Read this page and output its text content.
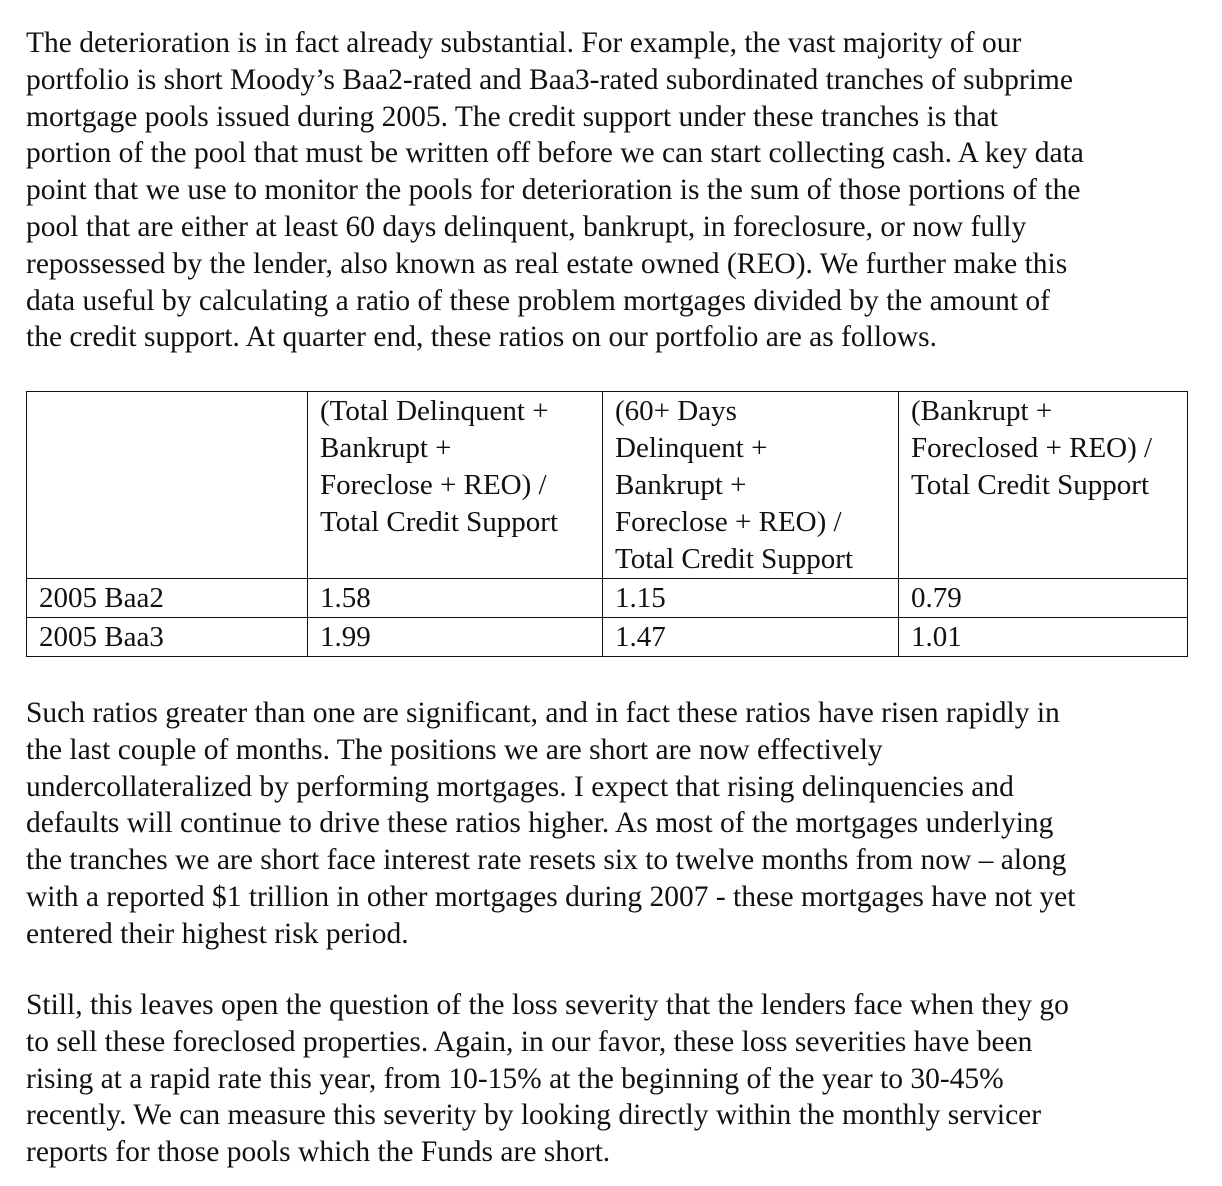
The deterioration is in fact already substantial. For example, the vast majority of our
portfolio is short Moody’s Baa2-rated and Baa3-rated subordinated tranches of subprime
mortgage pools issued during 2005. The credit support under these tranches is that
portion of the pool that must be written off before we can start collecting cash. A key data
point that we use to monitor the pools for deterioration is the sum of those portions of the
pool that are either at least 60 days delinquent, bankrupt, in foreclosure, or now fully
repossessed by the lender, also known as real estate owned (REO). We further make this
data useful by calculating a ratio of these problem mortgages divided by the amount of
the credit support. At quarter end, these ratios on our portfolio are as follows.

	(Total Delinquent +
Bankrupt +
Foreclose + REO) /
Total Credit Support	(60+ Days
Delinquent +
Bankrupt +
Foreclose + REO) /
Total Credit Support	(Bankrupt +
Foreclosed + REO) /
Total Credit Support

2005 Baa2	1.58	1.15	0.79
2005 Baa3	1.99	1.47	1.01

Such ratios greater than one are significant, and in fact these ratios have risen rapidly in
the last couple of months. The positions we are short are now effectively
undercollateralized by performing mortgages. I expect that rising delinquencies and
defaults will continue to drive these ratios higher. As most of the mortgages underlying
the tranches we are short face interest rate resets six to twelve months from now – along
with a reported $1 trillion in other mortgages during 2007 - these mortgages have not yet
entered their highest risk period.

Still, this leaves open the question of the loss severity that the lenders face when they go
to sell these foreclosed properties. Again, in our favor, these loss severities have been
rising at a rapid rate this year, from 10-15% at the beginning of the year to 30-45%
recently. We can measure this severity by looking directly within the monthly servicer
reports for those pools which the Funds are short.
